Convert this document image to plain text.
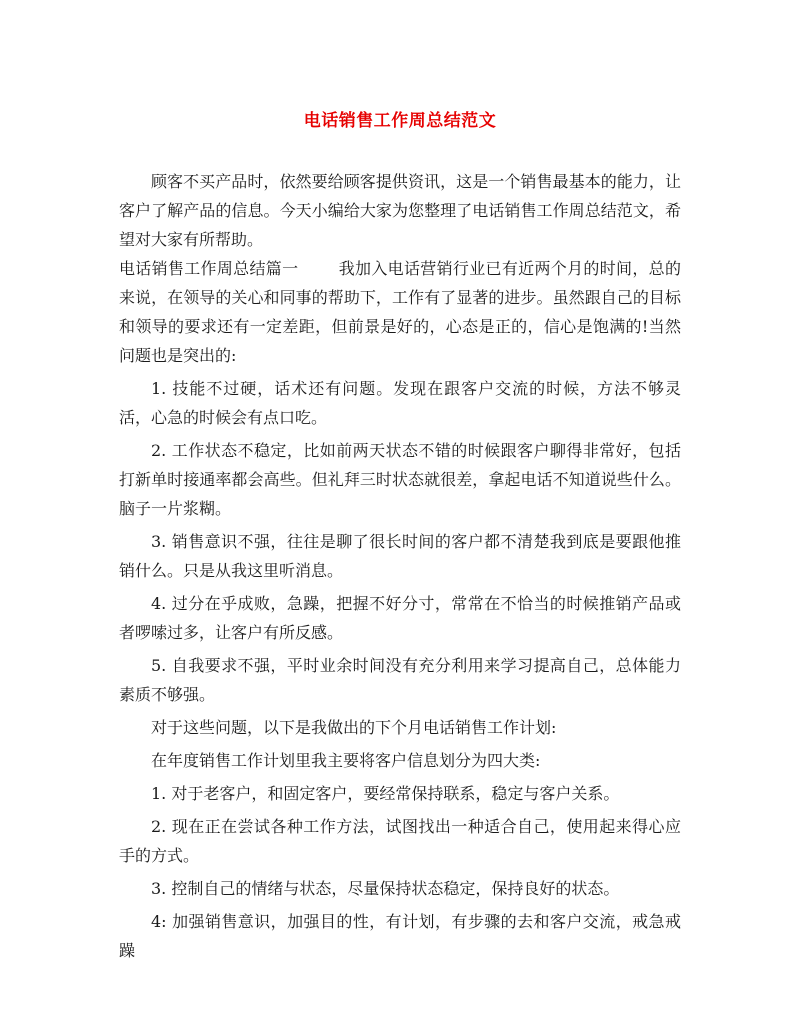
电话销售工作周总结范文

顾客不买产品时，依然要给顾客提供资讯，这是一个销售最基本的能力，让客户了解产品的信息。今天小编给大家为您整理了电话销售工作周总结范文，希望对大家有所帮助。

电话销售工作周总结篇一	我加入电话营销行业已有近两个月的时间，总的来说，在领导的关心和同事的帮助下，工作有了显著的进步。虽然跟自己的目标和领导的要求还有一定差距，但前景是好的，心态是正的，信心是饱满的!当然问题也是突出的:

1. 技能不过硬，话术还有问题。发现在跟客户交流的时候，方法不够灵活，心急的时候会有点口吃。

2. 工作状态不稳定，比如前两天状态不错的时候跟客户聊得非常好，包括打新单时接通率都会高些。但礼拜三时状态就很差，拿起电话不知道说些什么。脑子一片浆糊。

3. 销售意识不强，往往是聊了很长时间的客户都不清楚我到底是要跟他推销什么。只是从我这里听消息。

4. 过分在乎成败，急躁，把握不好分寸，常常在不恰当的时候推销产品或者啰嗦过多，让客户有所反感。

5. 自我要求不强，平时业余时间没有充分利用来学习提高自己，总体能力素质不够强。

对于这些问题，以下是我做出的下个月电话销售工作计划:

在年度销售工作计划里我主要将客户信息划分为四大类:

1. 对于老客户，和固定客户，要经常保持联系，稳定与客户关系。

2. 现在正在尝试各种工作方法，试图找出一种适合自己，使用起来得心应手的方式。

3. 控制自己的情绪与状态，尽量保持状态稳定，保持良好的状态。

4: 加强销售意识，加强目的性，有计划，有步骤的去和客户交流，戒急戒躁
